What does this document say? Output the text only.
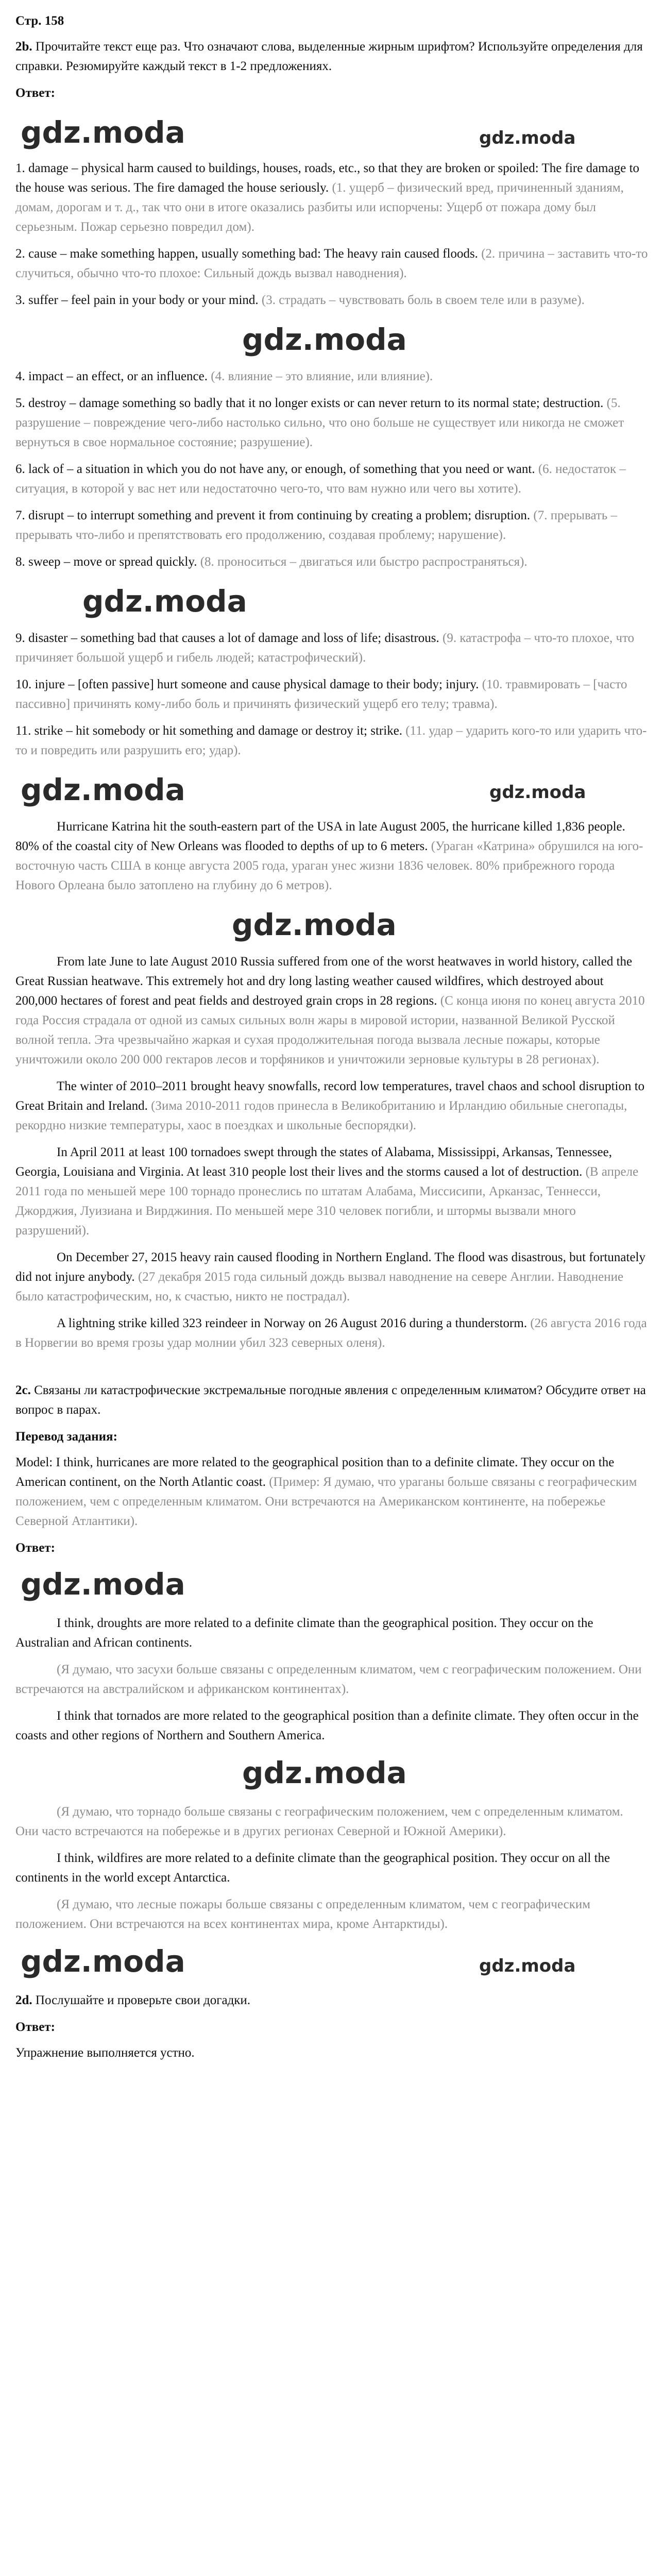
Стр. 158

2b. Прочитайте текст еще раз. Что означают слова, выделенные жирным шрифтом? Используйте определения для справки. Резюмируйте каждый текст в 1-2 предложениях.

Ответ:

gdz.moda	gdz.moda

1. damage – physical harm caused to buildings, houses, roads, etc., so that they are broken or spoiled: The fire damage to the house was serious. The fire damaged the house seriously. (1. ущерб – физический вред, причиненный зданиям, домам, дорогам и т. д., так что они в итоге оказались разбиты или испорчены: Ущерб от пожара дому был серьезным. Пожар серьезно повредил дом).

2. cause – make something happen, usually something bad: The heavy rain caused floods. (2. причина – заставить что-то случиться, обычно что-то плохое: Сильный дождь вызвал наводнения).

3. suffer – feel pain in your body or your mind. (3. страдать – чувствовать боль в своем теле или в разуме).

gdz.moda

4. impact – an effect, or an influence. (4. влияние – это влияние, или влияние).

5. destroy – damage something so badly that it no longer exists or can never return to its normal state; destruction. (5. разрушение – повреждение чего-либо настолько сильно, что оно больше не существует или никогда не сможет вернуться в свое нормальное состояние; разрушение).

6. lack of – a situation in which you do not have any, or enough, of something that you need or want. (6. недостаток – ситуация, в которой у вас нет или недостаточно чего-то, что вам нужно или чего вы хотите).

7. disrupt – to interrupt something and prevent it from continuing by creating a problem; disruption. (7. прерывать – прерывать что-либо и препятствовать его продолжению, создавая проблему; нарушение).

8. sweep – move or spread quickly. (8. проноситься – двигаться или быстро распространяться).

gdz.moda

9. disaster – something bad that causes a lot of damage and loss of life; disastrous. (9. катастрофа – что-то плохое, что причиняет большой ущерб и гибель людей; катастрофический).

10. injure – [often passive] hurt someone and cause physical damage to their body; injury. (10. травмировать – [часто пассивно] причинять кому-либо боль и причинять физический ущерб его телу; травма).

11. strike – hit somebody or hit something and damage or destroy it; strike. (11. удар – ударить кого-то или ударить что-то и повредить или разрушить его; удар).

gdz.moda	gdz.moda

Hurricane Katrina hit the south-eastern part of the USA in late August 2005, the hurricane killed 1,836 people. 80% of the coastal city of New Orleans was flooded to depths of up to 6 meters. (Ураган «Катрина» обрушился на юго-восточную часть США в конце августа 2005 года, ураган унес жизни 1836 человек. 80% прибрежного города Нового Орлеана было затоплено на глубину до 6 метров).

gdz.moda

From late June to late August 2010 Russia suffered from one of the worst heatwaves in world history, called the Great Russian heatwave. This extremely hot and dry long lasting weather caused wildfires, which destroyed about 200,000 hectares of forest and peat fields and destroyed grain crops in 28 regions. (С конца июня по конец августа 2010 года Россия страдала от одной из самых сильных волн жары в мировой истории, названной Великой Русской волной тепла. Эта чрезвычайно жаркая и сухая продолжительная погода вызвала лесные пожары, которые уничтожили около 200 000 гектаров лесов и торфяников и уничтожили зерновые культуры в 28 регионах).

The winter of 2010–2011 brought heavy snowfalls, record low temperatures, travel chaos and school disruption to Great Britain and Ireland. (Зима 2010-2011 годов принесла в Великобританию и Ирландию обильные снегопады, рекордно низкие температуры, хаос в поездках и школьные беспорядки).

In April 2011 at least 100 tornadoes swept through the states of Alabama, Mississippi, Arkansas, Tennessee, Georgia, Louisiana and Virginia. At least 310 people lost their lives and the storms caused a lot of destruction. (В апреле 2011 года по меньшей мере 100 торнадо пронеслись по штатам Алабама, Миссисипи, Арканзас, Теннесси, Джорджия, Луизиана и Вирджиния. По меньшей мере 310 человек погибли, и штормы вызвали много разрушений).

On December 27, 2015 heavy rain caused flooding in Northern England. The flood was disastrous, but fortunately did not injure anybody. (27 декабря 2015 года сильный дождь вызвал наводнение на севере Англии. Наводнение было катастрофическим, но, к счастью, никто не пострадал).

A lightning strike killed 323 reindeer in Norway on 26 August 2016 during a thunderstorm. (26 августа 2016 года в Норвегии во время грозы удар молнии убил 323 северных оленя).

2c. Связаны ли катастрофические экстремальные погодные явления с определенным климатом? Обсудите ответ на вопрос в парах.

Перевод задания:

Model: I think, hurricanes are more related to the geographical position than to a definite climate. They occur on the American continent, on the North Atlantic coast. (Пример: Я думаю, что ураганы больше связаны с географическим положением, чем с определенным климатом. Они встречаются на Американском континенте, на побережье Северной Атлантики).

Ответ:

gdz.moda

I think, droughts are more related to a definite climate than the geographical position. They occur on the Australian and African continents.

(Я думаю, что засухи больше связаны с определенным климатом, чем с географическим положением. Они встречаются на австралийском и африканском континентах).

I think that tornados are more related to the geographical position than a definite climate. They often occur in the coasts and other regions of Northern and Southern America.

gdz.moda

(Я думаю, что торнадо больше связаны с географическим положением, чем с определенным климатом. Они часто встречаются на побережье и в других регионах Северной и Южной Америки).

I think, wildfires are more related to a definite climate than the geographical position. They occur on all the continents in the world except Antarctica.

(Я думаю, что лесные пожары больше связаны с определенным климатом, чем с географическим положением. Они встречаются на всех континентах мира, кроме Антарктиды).

gdz.moda	gdz.moda

2d. Послушайте и проверьте свои догадки.

Ответ:

Упражнение выполняется устно.
